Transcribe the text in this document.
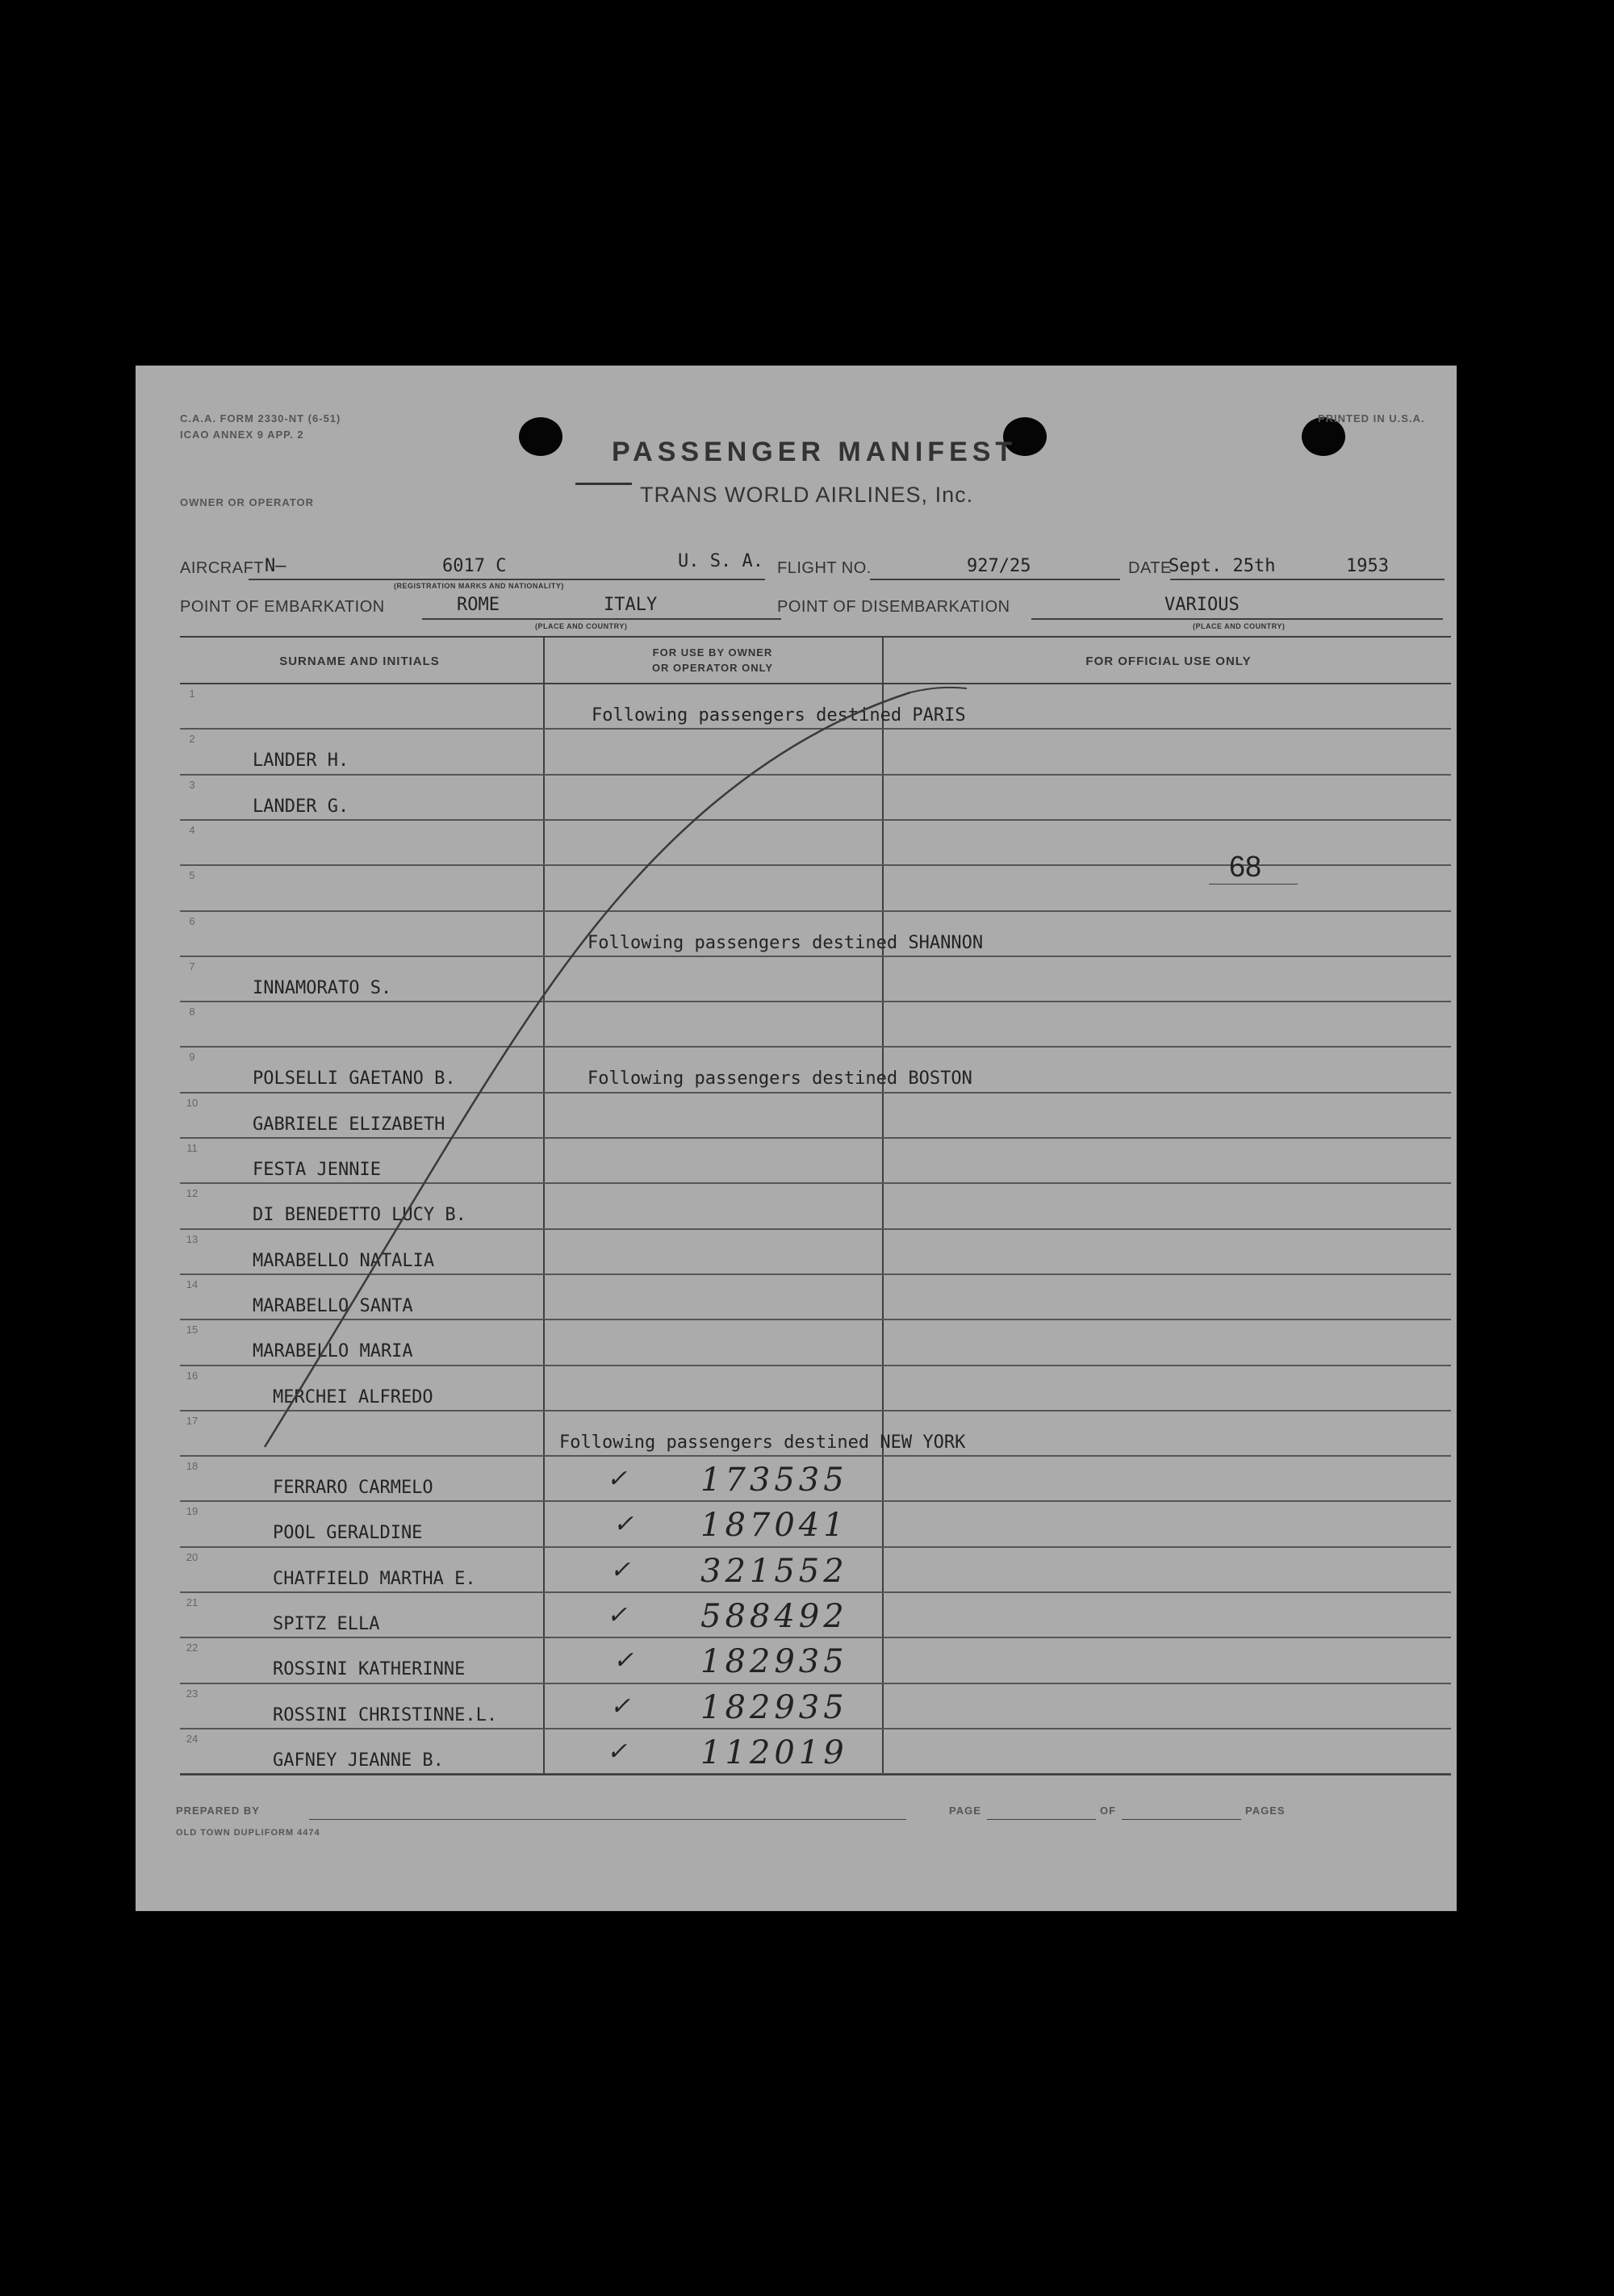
C.A.A. FORM 2330-NT (6-51)
ICAO ANNEX 9 APP. 2
PRINTED IN U.S.A.
PASSENGER MANIFEST
OWNER OR OPERATOR	TRANS WORLD AIRLINES, Inc.
AIRCRAFT N—	6017 C	U. S. A.
(REGISTRATION MARKS AND NATIONALITY)
FLIGHT NO.	927/25	DATE
Sept. 25th	1953
POINT OF EMBARKATION	ROME	ITALY
(PLACE AND COUNTRY)
POINT OF DISEMBARKATION	VARIOUS
(PLACE AND COUNTRY)
SURNAME AND INITIALS
FOR USE BY OWNER
OR OPERATOR ONLY	FOR OFFICIAL USE ONLY
1
Following passengers destined PARIS
2
LANDER H.
3
LANDER G.
4
5
6
Following passengers destined SHANNON
7
INNAMORATO S.
8
9
POLSELLI GAETANO B.	Following passengers destined BOSTON
10
GABRIELE ELIZABETH
11
FESTA JENNIE
12
DI BENEDETTO LUCY B.
13
MARABELLO NATALIA
14
MARABELLO SANTA
15
MARABELLO MARIA
16
MERCHEI ALFREDO
17
Following passengers destined NEW YORK
18
FERRARO CARMELO	✓ 173535
19
POOL GERALDINE	✓ 187041
20
CHATFIELD MARTHA E.	✓ 321552
21
SPITZ ELLA	✓ 588492
22
ROSSINI KATHERINNE	✓ 182935
23
ROSSINI CHRISTINNE.L.	✓ 182935
24
GAFNEY JEANNE B.	✓ 112019
68
PREPARED BY	PAGE	OF	PAGES
OLD TOWN DUPLIFORM 4474
